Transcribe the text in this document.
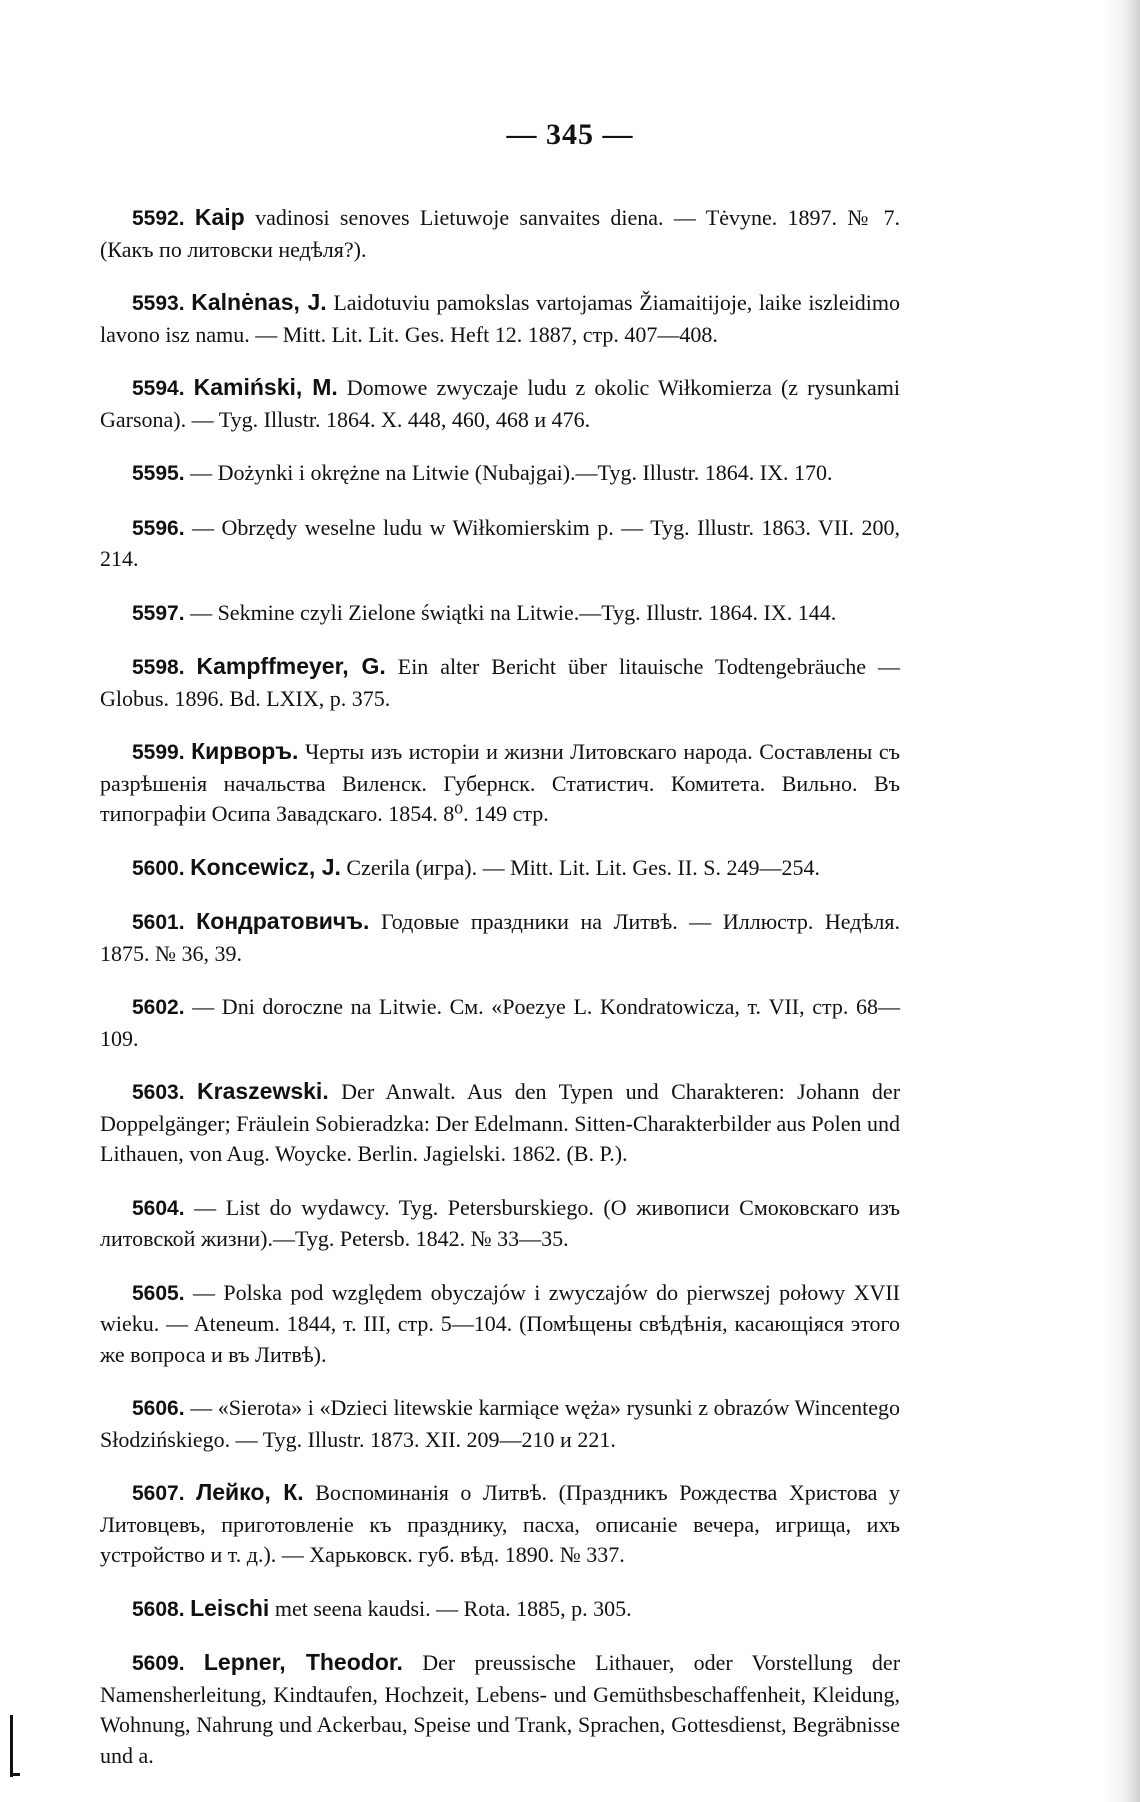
— 345 —

5592. Kaip vadinosi senoves Lietuwoje sanvaites diena. — Tėvyne. 1897. № 7. (Какъ по литовски недѣля?).

5593. Kalnėnas, J. Laidotuviu pamokslas vartojamas Žiamaitijoje, laike iszleidimo lavono isz namu. — Mitt. Lit. Lit. Ges. Heft 12. 1887, стр. 407—408.

5594. Kamiński, M. Domowe zwyczaje ludu z okolic Wiłkomierza (z rysunkami Garsona). — Tyg. Illustr. 1864. X. 448, 460, 468 и 476.

5595. — Dożynki i okrężne na Litwie (Nubajgai).—Tyg. Illustr. 1864. IX. 170.

5596. — Obrzędy weselne ludu w Wiłkomierskim p. — Tyg. Illustr. 1863. VII. 200, 214.

5597. — Sekmine czyli Zielone świątki na Litwie.—Tyg. Illustr. 1864. IX. 144.

5598. Kampffmeyer, G. Ein alter Bericht über litauische Todtengebräuche — Globus. 1896. Bd. LXIX, p. 375.

5599. Кирворъ. Черты изъ исторіи и жизни Литовскаго народа. Составлены съ разрѣшенія начальства Виленск. Губернск. Статистич. Комитета. Вильно. Въ типографіи Осипа Завадскаго. 1854. 8⁰. 149 стр.

5600. Koncewicz, J. Czerila (игра). — Mitt. Lit. Lit. Ges. II. S. 249—254.

5601. Кондратовичъ. Годовые праздники на Литвѣ. — Иллюстр. Недѣля. 1875. № 36, 39.

5602. — Dni doroczne na Litwie. См. «Poezye L. Kondratowicza, т. VII, стр. 68—109.

5603. Kraszewski. Der Anwalt. Aus den Typen und Charakteren: Johann der Doppelgänger; Fräulein Sobieradzka: Der Edelmann. Sitten-Charakterbilder aus Polen und Lithauen, von Aug. Woycke. Berlin. Jagielski. 1862. (B. P.).

5604. — List do wydawcy. Tyg. Petersburskiego. (О живописи Смоковскаго изъ литовской жизни).—Tyg. Petersb. 1842. № 33—35.

5605. — Polska pod względem obyczajów i zwyczajów do pierwszej połowy XVII wieku. — Ateneum. 1844, т. III, стр. 5—104. (Помѣщены свѣдѣнія, касающіяся этого же вопроса и въ Литвѣ).

5606. — «Sierota» i «Dzieci litewskie karmiące węża» rysunki z obrazów Wincentego Słodzińskiego. — Tyg. Illustr. 1873. XII. 209—210 и 221.

5607. Лейко, К. Воспоминанія о Литвѣ. (Праздникъ Рождества Христова у Литовцевъ, приготовленіе къ празднику, пасха, описаніе вечера, игрища, ихъ устройство и т. д.). — Харьковск. губ. вѣд. 1890. № 337.

5608. Leischi met seena kaudsi. — Rota. 1885, p. 305.

5609. Lepner, Theodor. Der preussische Lithauer, oder Vorstellung der Namensherleitung, Kindtaufen, Hochzeit, Lebens- und Gemüthsbeschaffenheit, Kleidung, Wohnung, Nahrung und Ackerbau, Speise und Trank, Sprachen, Gottesdienst, Begräbnisse und a.
